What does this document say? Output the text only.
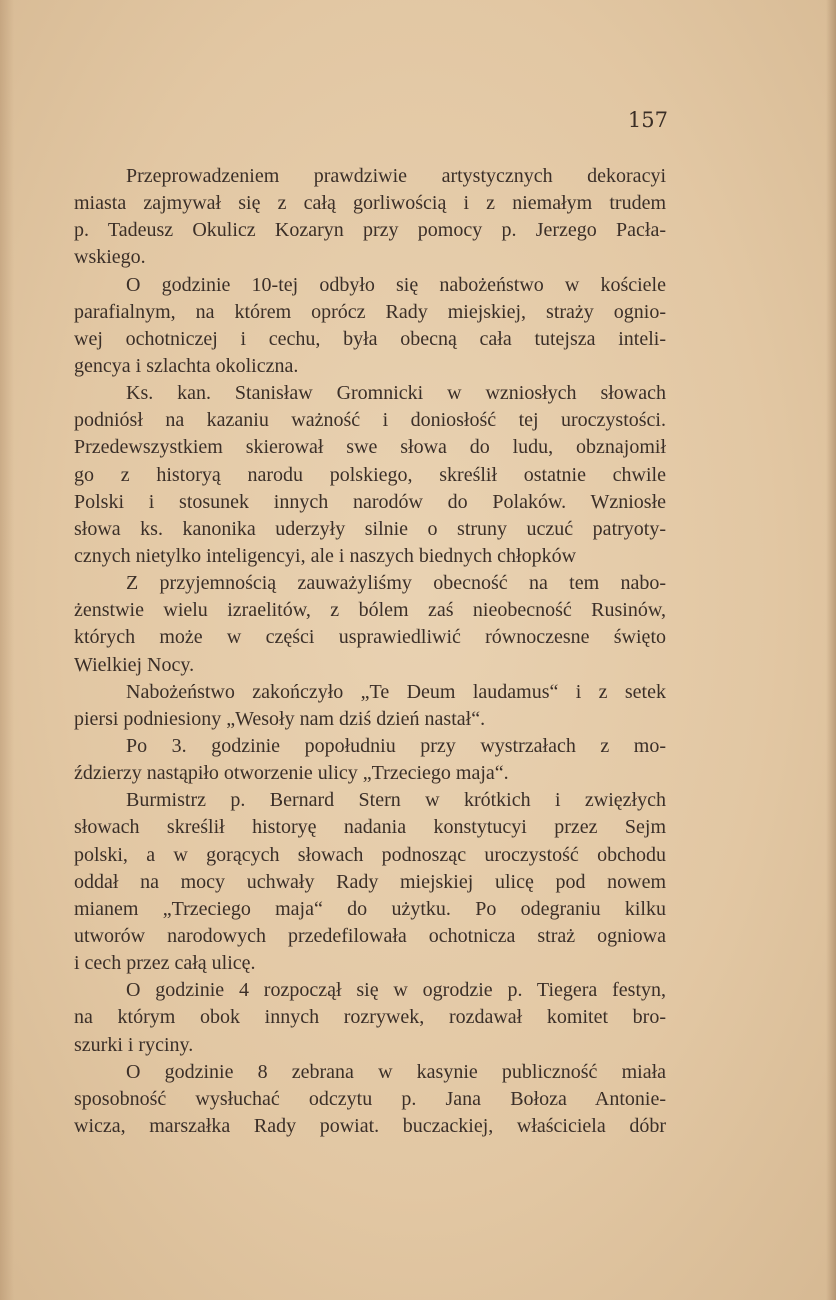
157
Przeprowadzeniem prawdziwie artystycznych dekoracyi
miasta zajmywał się z całą gorliwością i z niemałym trudem
p. Tadeusz Okulicz Kozaryn przy pomocy p. Jerzego Pacła-
wskiego.
O godzinie 10-tej odbyło się nabożeństwo w kościele
parafialnym, na którem oprócz Rady miejskiej, straży ognio-
wej ochotniczej i cechu, była obecną cała tutejsza inteli-
gencya i szlachta okoliczna.
Ks. kan. Stanisław Gromnicki w wzniosłych słowach
podniósł na kazaniu ważność i doniosłość tej uroczystości.
Przedewszystkiem skierował swe słowa do ludu, obznajomił
go z historyą narodu polskiego, skreślił ostatnie chwile
Polski i stosunek innych narodów do Polaków. Wzniosłe
słowa ks. kanonika uderzyły silnie o struny uczuć patryoty-
cznych nietylko inteligencyi, ale i naszych biednych chłopków
Z przyjemnością zauważyliśmy obecność na tem nabo-
żenstwie wielu izraelitów, z bólem zaś nieobecność Rusinów,
których może w części usprawiedliwić równoczesne święto
Wielkiej Nocy.
Nabożeństwo zakończyło „Te Deum laudamus“ i z setek
piersi podniesiony „Wesoły nam dziś dzień nastał“.
Po 3. godzinie popołudniu przy wystrzałach z mo-
ździerzy nastąpiło otworzenie ulicy „Trzeciego maja“.
Burmistrz p. Bernard Stern w krótkich i zwięzłych
słowach skreślił historyę nadania konstytucyi przez Sejm
polski, a w gorących słowach podnosząc uroczystość obchodu
oddał na mocy uchwały Rady miejskiej ulicę pod nowem
mianem „Trzeciego maja“ do użytku. Po odegraniu kilku
utworów narodowych przedefilowała ochotnicza straż ogniowa
i cech przez całą ulicę.
O godzinie 4 rozpoczął się w ogrodzie p. Tiegera festyn,
na którym obok innych rozrywek, rozdawał komitet bro-
szurki i ryciny.
O godzinie 8 zebrana w kasynie publiczność miała
sposobność wysłuchać odczytu p. Jana Bołoza Antonie-
wicza, marszałka Rady powiat. buczackiej, właściciela dóbr
